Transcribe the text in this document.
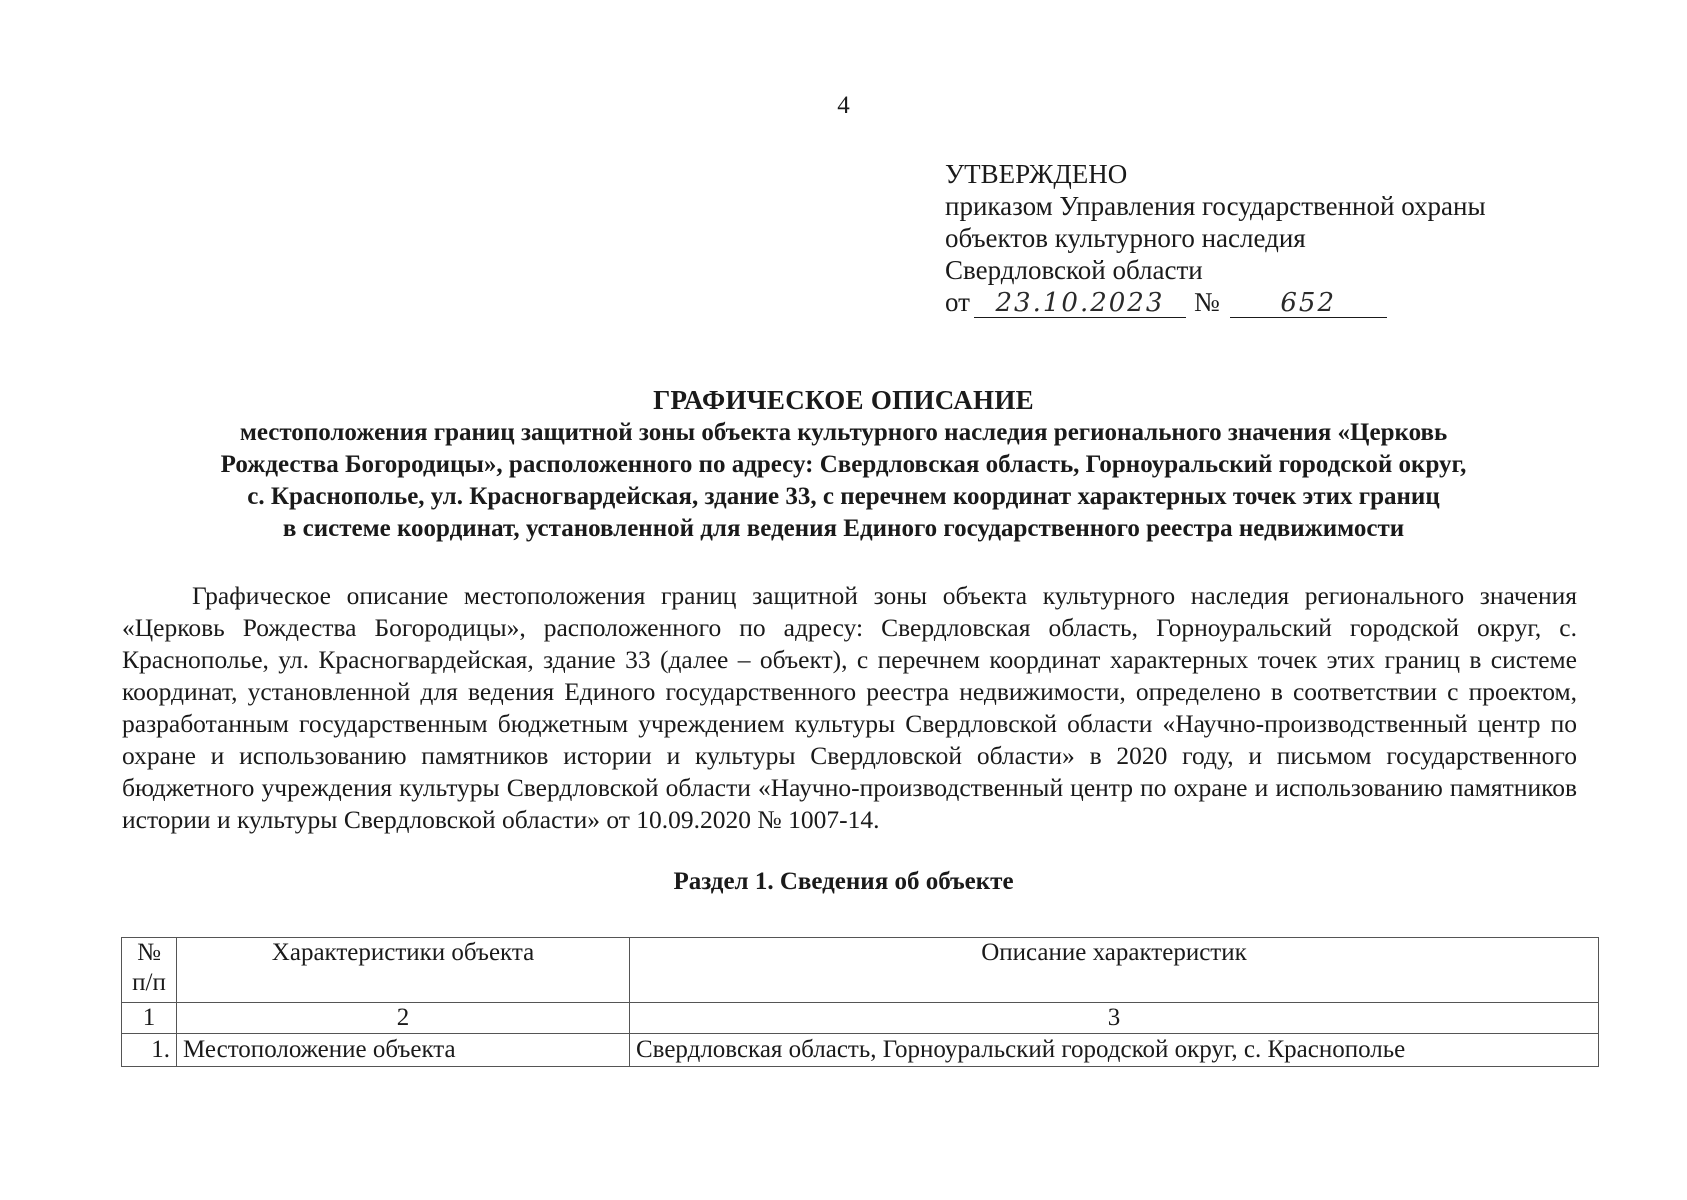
4
УТВЕРЖДЕНО
приказом Управления государственной охраны
объектов культурного наследия
Свердловской области
от 23.10.2023	№	652
ГРАФИЧЕСКОЕ ОПИСАНИЕ
местоположения границ защитной зоны объекта культурного наследия регионального значения «Церковь
Рождества Богородицы», расположенного по адресу: Свердловская область, Горноуральский городской округ,
с. Краснополье, ул. Красногвардейская, здание 33, с перечнем координат характерных точек этих границ
в системе координат, установленной для ведения Единого государственного реестра недвижимости

Графическое описание местоположения границ защитной зоны объекта культурного наследия регионального значения «Церковь Рождества Богородицы», расположенного по адресу: Свердловская область, Горноуральский городской округ, с. Краснополье, ул. Красногвардейская, здание 33 (далее – объект), с перечнем координат характерных точек этих границ в системе координат, установленной для ведения Единого государственного реестра недвижимости, определено в соответствии с проектом, разработанным государственным бюджетным учреждением культуры Свердловской области «Научно-производственный центр по охране и использованию памятников истории и культуры Свердловской области» в 2020 году, и письмом государственного бюджетного учреждения культуры Свердловской области «Научно-производственный центр по охране и использованию памятников истории и культуры Свердловской области» от 10.09.2020 № 1007-14.

Раздел 1. Сведения об объекте
№
п/п	Характеристики объекта	Описание характеристик
1	2	3
1.	Местоположение объекта	Свердловская область, Горноуральский городской округ, с. Краснополье
